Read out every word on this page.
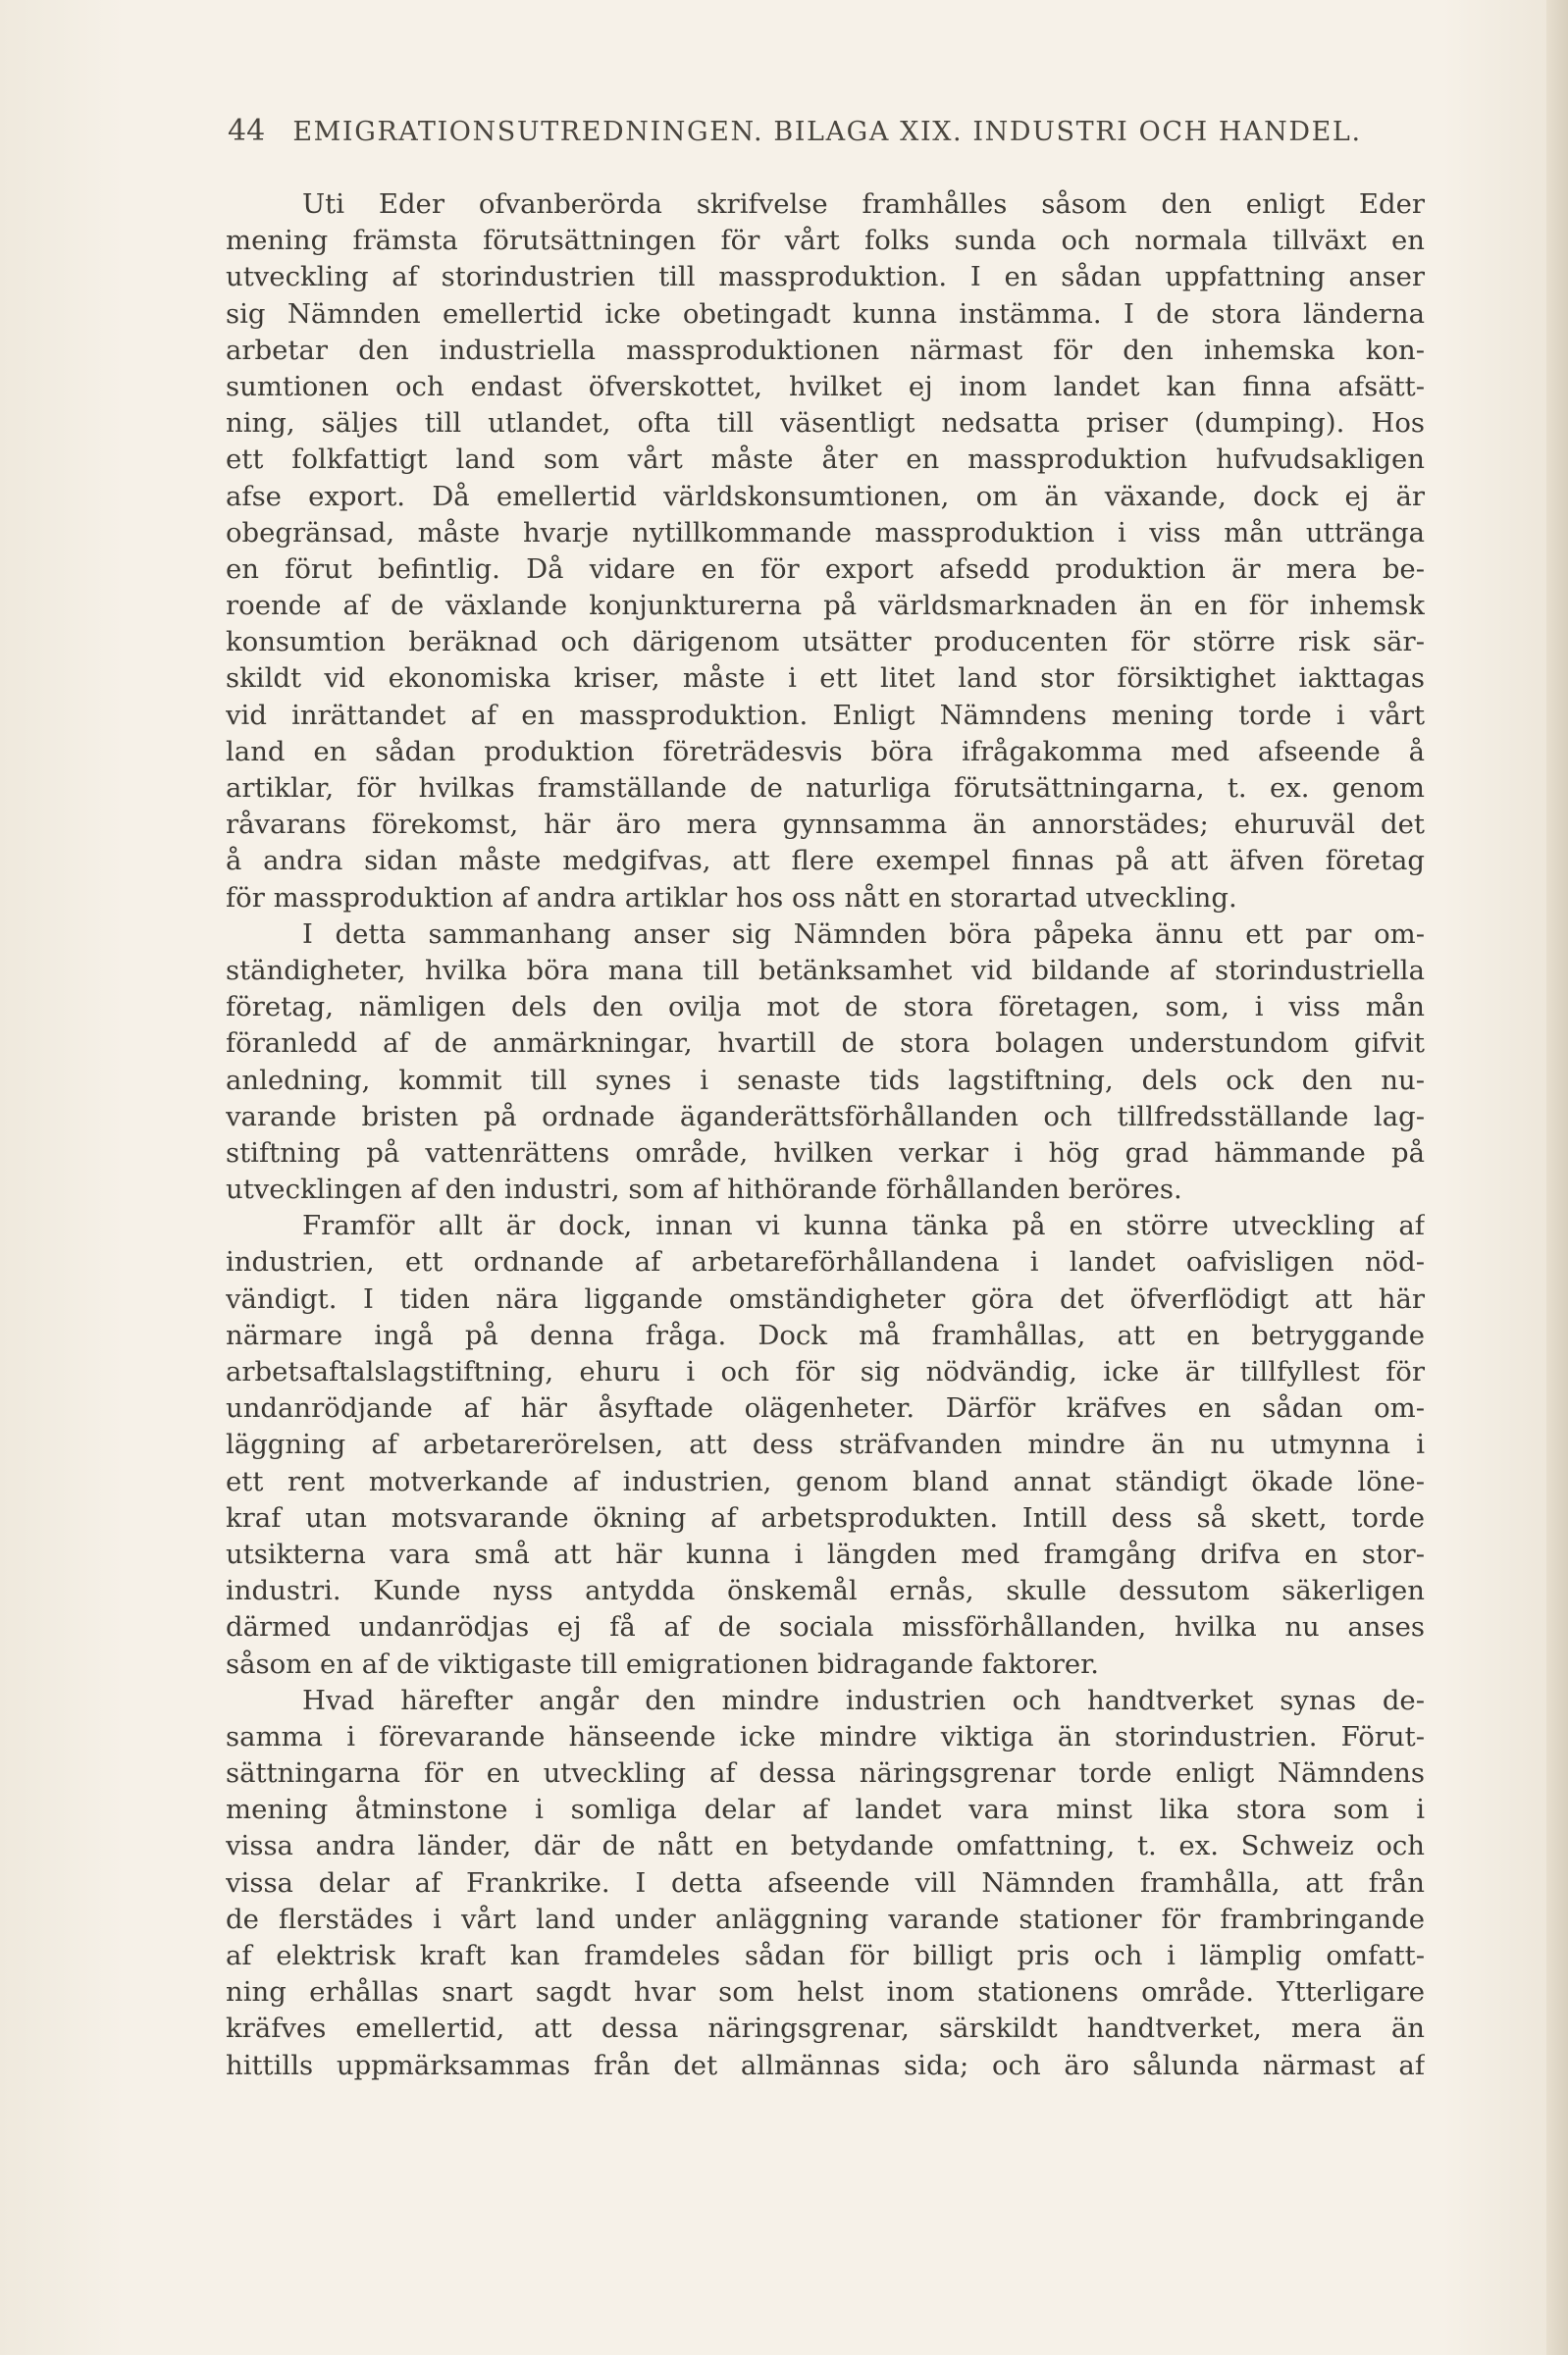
44 EMIGRATIONSUTREDNINGEN. BILAGA XIX. INDUSTRI OCH HANDEL.
Uti Eder ofvanberörda skrifvelse framhålles såsom den enligt Eder
mening främsta förutsättningen för vårt folks sunda och normala tillväxt en
utveckling af storindustrien till massproduktion. I en sådan uppfattning anser
sig Nämnden emellertid icke obetingadt kunna instämma. I de stora länderna
arbetar den industriella massproduktionen närmast för den inhemska kon-
sumtionen och endast öfverskottet, hvilket ej inom landet kan finna afsätt-
ning, säljes till utlandet, ofta till väsentligt nedsatta priser (dumping). Hos
ett folkfattigt land som vårt måste åter en massproduktion hufvudsakligen
afse export. Då emellertid världskonsumtionen, om än växande, dock ej är
obegränsad, måste hvarje nytillkommande massproduktion i viss mån uttränga
en förut befintlig. Då vidare en för export afsedd produktion är mera be-
roende af de växlande konjunkturerna på världsmarknaden än en för inhemsk
konsumtion beräknad och därigenom utsätter producenten för större risk sär-
skildt vid ekonomiska kriser, måste i ett litet land stor försiktighet iakttagas
vid inrättandet af en massproduktion. Enligt Nämndens mening torde i vårt
land en sådan produktion företrädesvis böra ifrågakomma med afseende å
artiklar, för hvilkas framställande de naturliga förutsättningarna, t. ex. genom
råvarans förekomst, här äro mera gynnsamma än annorstädes; ehuruväl det
å andra sidan måste medgifvas, att flere exempel finnas på att äfven företag
för massproduktion af andra artiklar hos oss nått en storartad utveckling.
I detta sammanhang anser sig Nämnden böra påpeka ännu ett par om-
ständigheter, hvilka böra mana till betänksamhet vid bildande af storindustriella
företag, nämligen dels den ovilja mot de stora företagen, som, i viss mån
föranledd af de anmärkningar, hvartill de stora bolagen understundom gifvit
anledning, kommit till synes i senaste tids lagstiftning, dels ock den nu-
varande bristen på ordnade äganderättsförhållanden och tillfredsställande lag-
stiftning på vattenrättens område, hvilken verkar i hög grad hämmande på
utvecklingen af den industri, som af hithörande förhållanden beröres.
Framför allt är dock, innan vi kunna tänka på en större utveckling af
industrien, ett ordnande af arbetareförhållandena i landet oafvisligen nöd-
vändigt. I tiden nära liggande omständigheter göra det öfverflödigt att här
närmare ingå på denna fråga. Dock må framhållas, att en betryggande
arbetsaftalslagstiftning, ehuru i och för sig nödvändig, icke är tillfyllest för
undanrödjande af här åsyftade olägenheter. Därför kräfves en sådan om-
läggning af arbetarerörelsen, att dess sträfvanden mindre än nu utmynna i
ett rent motverkande af industrien, genom bland annat ständigt ökade löne-
kraf utan motsvarande ökning af arbetsprodukten. Intill dess så skett, torde
utsikterna vara små att här kunna i längden med framgång drifva en stor-
industri. Kunde nyss antydda önskemål ernås, skulle dessutom säkerligen
därmed undanrödjas ej få af de sociala missförhållanden, hvilka nu anses
såsom en af de viktigaste till emigrationen bidragande faktorer.
Hvad härefter angår den mindre industrien och handtverket synas de-
samma i förevarande hänseende icke mindre viktiga än storindustrien. Förut-
sättningarna för en utveckling af dessa näringsgrenar torde enligt Nämndens
mening åtminstone i somliga delar af landet vara minst lika stora som i
vissa andra länder, där de nått en betydande omfattning, t. ex. Schweiz och
vissa delar af Frankrike. I detta afseende vill Nämnden framhålla, att från
de flerstädes i vårt land under anläggning varande stationer för frambringande
af elektrisk kraft kan framdeles sådan för billigt pris och i lämplig omfatt-
ning erhållas snart sagdt hvar som helst inom stationens område. Ytterligare
kräfves emellertid, att dessa näringsgrenar, särskildt handtverket, mera än
hittills uppmärksammas från det allmännas sida; och äro sålunda närmast af
